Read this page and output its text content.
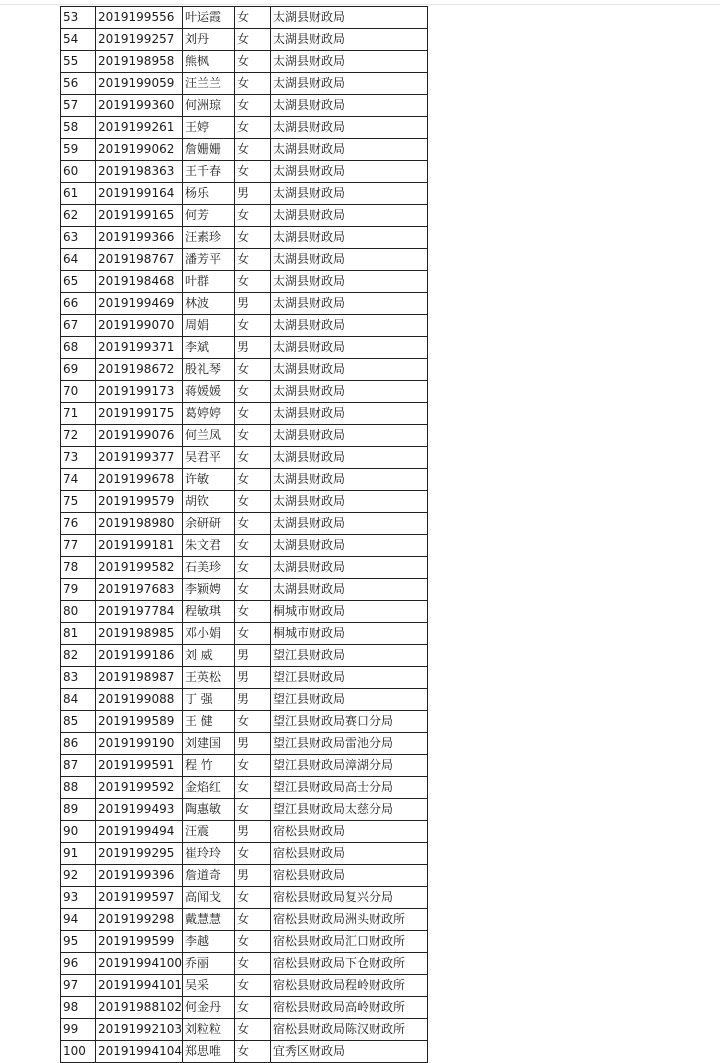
53	2019199556	叶运霞	女	太湖县财政局
54	2019199257	刘丹	女	太湖县财政局
55	2019198958	熊枫	女	太湖县财政局
56	2019199059	汪兰兰	女	太湖县财政局
57	2019199360	何洲琼	女	太湖县财政局
58	2019199261	王婷	女	太湖县财政局
59	2019199062	詹姗姗	女	太湖县财政局
60	2019198363	王千春	女	太湖县财政局
61	2019199164	杨乐	男	太湖县财政局
62	2019199165	何芳	女	太湖县财政局
63	2019199366	汪素珍	女	太湖县财政局
64	2019198767	潘芳平	女	太湖县财政局
65	2019198468	叶群	女	太湖县财政局
66	2019199469	林波	男	太湖县财政局
67	2019199070	周娟	女	太湖县财政局
68	2019199371	李斌	男	太湖县财政局
69	2019198672	殷礼琴	女	太湖县财政局
70	2019199173	蒋媛媛	女	太湖县财政局
71	2019199175	葛婷婷	女	太湖县财政局
72	2019199076	何兰凤	女	太湖县财政局
73	2019199377	吴君平	女	太湖县财政局
74	2019199678	许敏	女	太湖县财政局
75	2019199579	胡钦	女	太湖县财政局
76	2019198980	余研研	女	太湖县财政局
77	2019199181	朱文君	女	太湖县财政局
78	2019199582	石美珍	女	太湖县财政局
79	2019197683	李颖娉	女	太湖县财政局
80	2019197784	程敏琪	女	桐城市财政局
81	2019198985	邓小娟	女	桐城市财政局
82	2019199186	刘 威	男	望江县财政局
83	2019198987	王英松	男	望江县财政局
84	2019199088	丁 强	男	望江县财政局
85	2019199589	王 健	女	望江县财政局赛口分局
86	2019199190	刘建国	男	望江县财政局雷池分局
87	2019199591	程 竹	女	望江县财政局漳湖分局
88	2019199592	金焰红	女	望江县财政局高士分局
89	2019199493	陶惠敏	女	望江县财政局太慈分局
90	2019199494	汪震	男	宿松县财政局
91	2019199295	崔玲玲	女	宿松县财政局
92	2019199396	詹道奇	男	宿松县财政局
93	2019199597	高闻戈	女	宿松县财政局复兴分局
94	2019199298	戴慧慧	女	宿松县财政局洲头财政所
95	2019199599	李越	女	宿松县财政局汇口财政所
96	20191994100	乔丽	女	宿松县财政局下仓财政所
97	20191994101	吴采	女	宿松县财政局程岭财政所
98	20191988102	何金丹	女	宿松县财政局高岭财政所
99	20191992103	刘粒粒	女	宿松县财政局陈汉财政所
100	20191994104	郑思唯	女	宜秀区财政局
